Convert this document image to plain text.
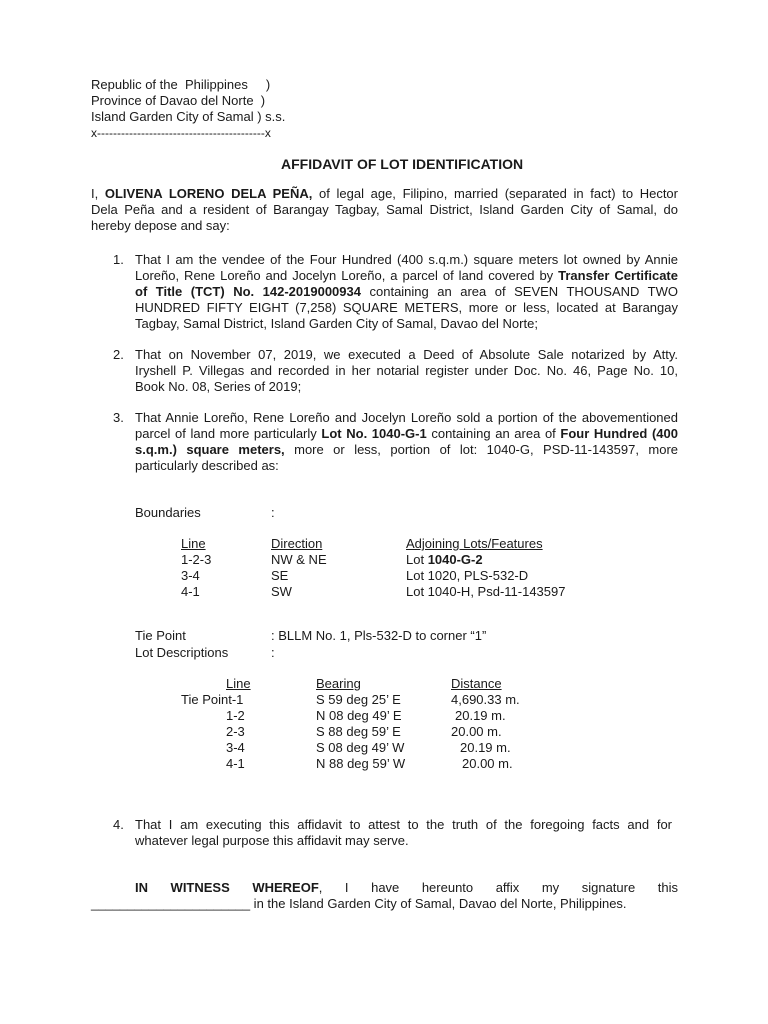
Republic of the  Philippines     )
Province of Davao del Norte  )
Island Garden City of Samal ) s.s.
x------------------------------------------x
AFFIDAVIT OF LOT IDENTIFICATION
I, OLIVENA LORENO DELA PEÑA, of legal age, Filipino, married (separated in fact) to Hector
Dela Peña and a resident of Barangay Tagbay, Samal District, Island Garden City of Samal, do
hereby depose and say:
1. That I am the vendee of the Four Hundred (400 s.q.m.) square meters lot owned by Annie
Loreño, Rene Loreño and Jocelyn Loreño, a parcel of land covered by Transfer Certificate
of Title (TCT) No. 142-2019000934 containing an area of SEVEN THOUSAND TWO
HUNDRED FIFTY EIGHT (7,258) SQUARE METERS, more or less, located at Barangay
Tagbay, Samal District, Island Garden City of Samal, Davao del Norte;
2. That on November 07, 2019, we executed a Deed of Absolute Sale notarized by Atty.
Iryshell P. Villegas and recorded in her notarial register under Doc. No. 46, Page No. 10,
Book No. 08, Series of 2019;
3. That Annie Loreño, Rene Loreño and Jocelyn Loreño sold a portion of the abovementioned
parcel of land more particularly Lot No. 1040-G-1 containing an area of Four Hundred (400
s.q.m.) square meters, more or less, portion of lot: 1040-G, PSD-11-143597, more
particularly described as:
Boundaries	:
Line	Direction	Adjoining Lots/Features
1-2-3	NW & NE	Lot 1040-G-2
3-4	SE	Lot 1020, PLS-532-D
4-1	SW	Lot 1040-H, Psd-11-143597
Tie Point	: BLLM No. 1, Pls-532-D to corner “1”
Lot Descriptions	:
Line	Bearing	Distance
Tie Point-1	S 59 deg 25’ E	4,690.33 m.
1-2	N 08 deg 49’ E	20.19 m.
2-3	S 88 deg 59’ E	20.00 m.
3-4	S 08 deg 49’ W	20.19 m.
4-1	N 88 deg 59’ W	20.00 m.
4. That I am executing this affidavit to attest to the truth of the foregoing facts and for
whatever legal purpose this affidavit may serve.
IN WITNESS WHEREOF, I have hereunto affix my signature this
______________________ in the Island Garden City of Samal, Davao del Norte, Philippines.
